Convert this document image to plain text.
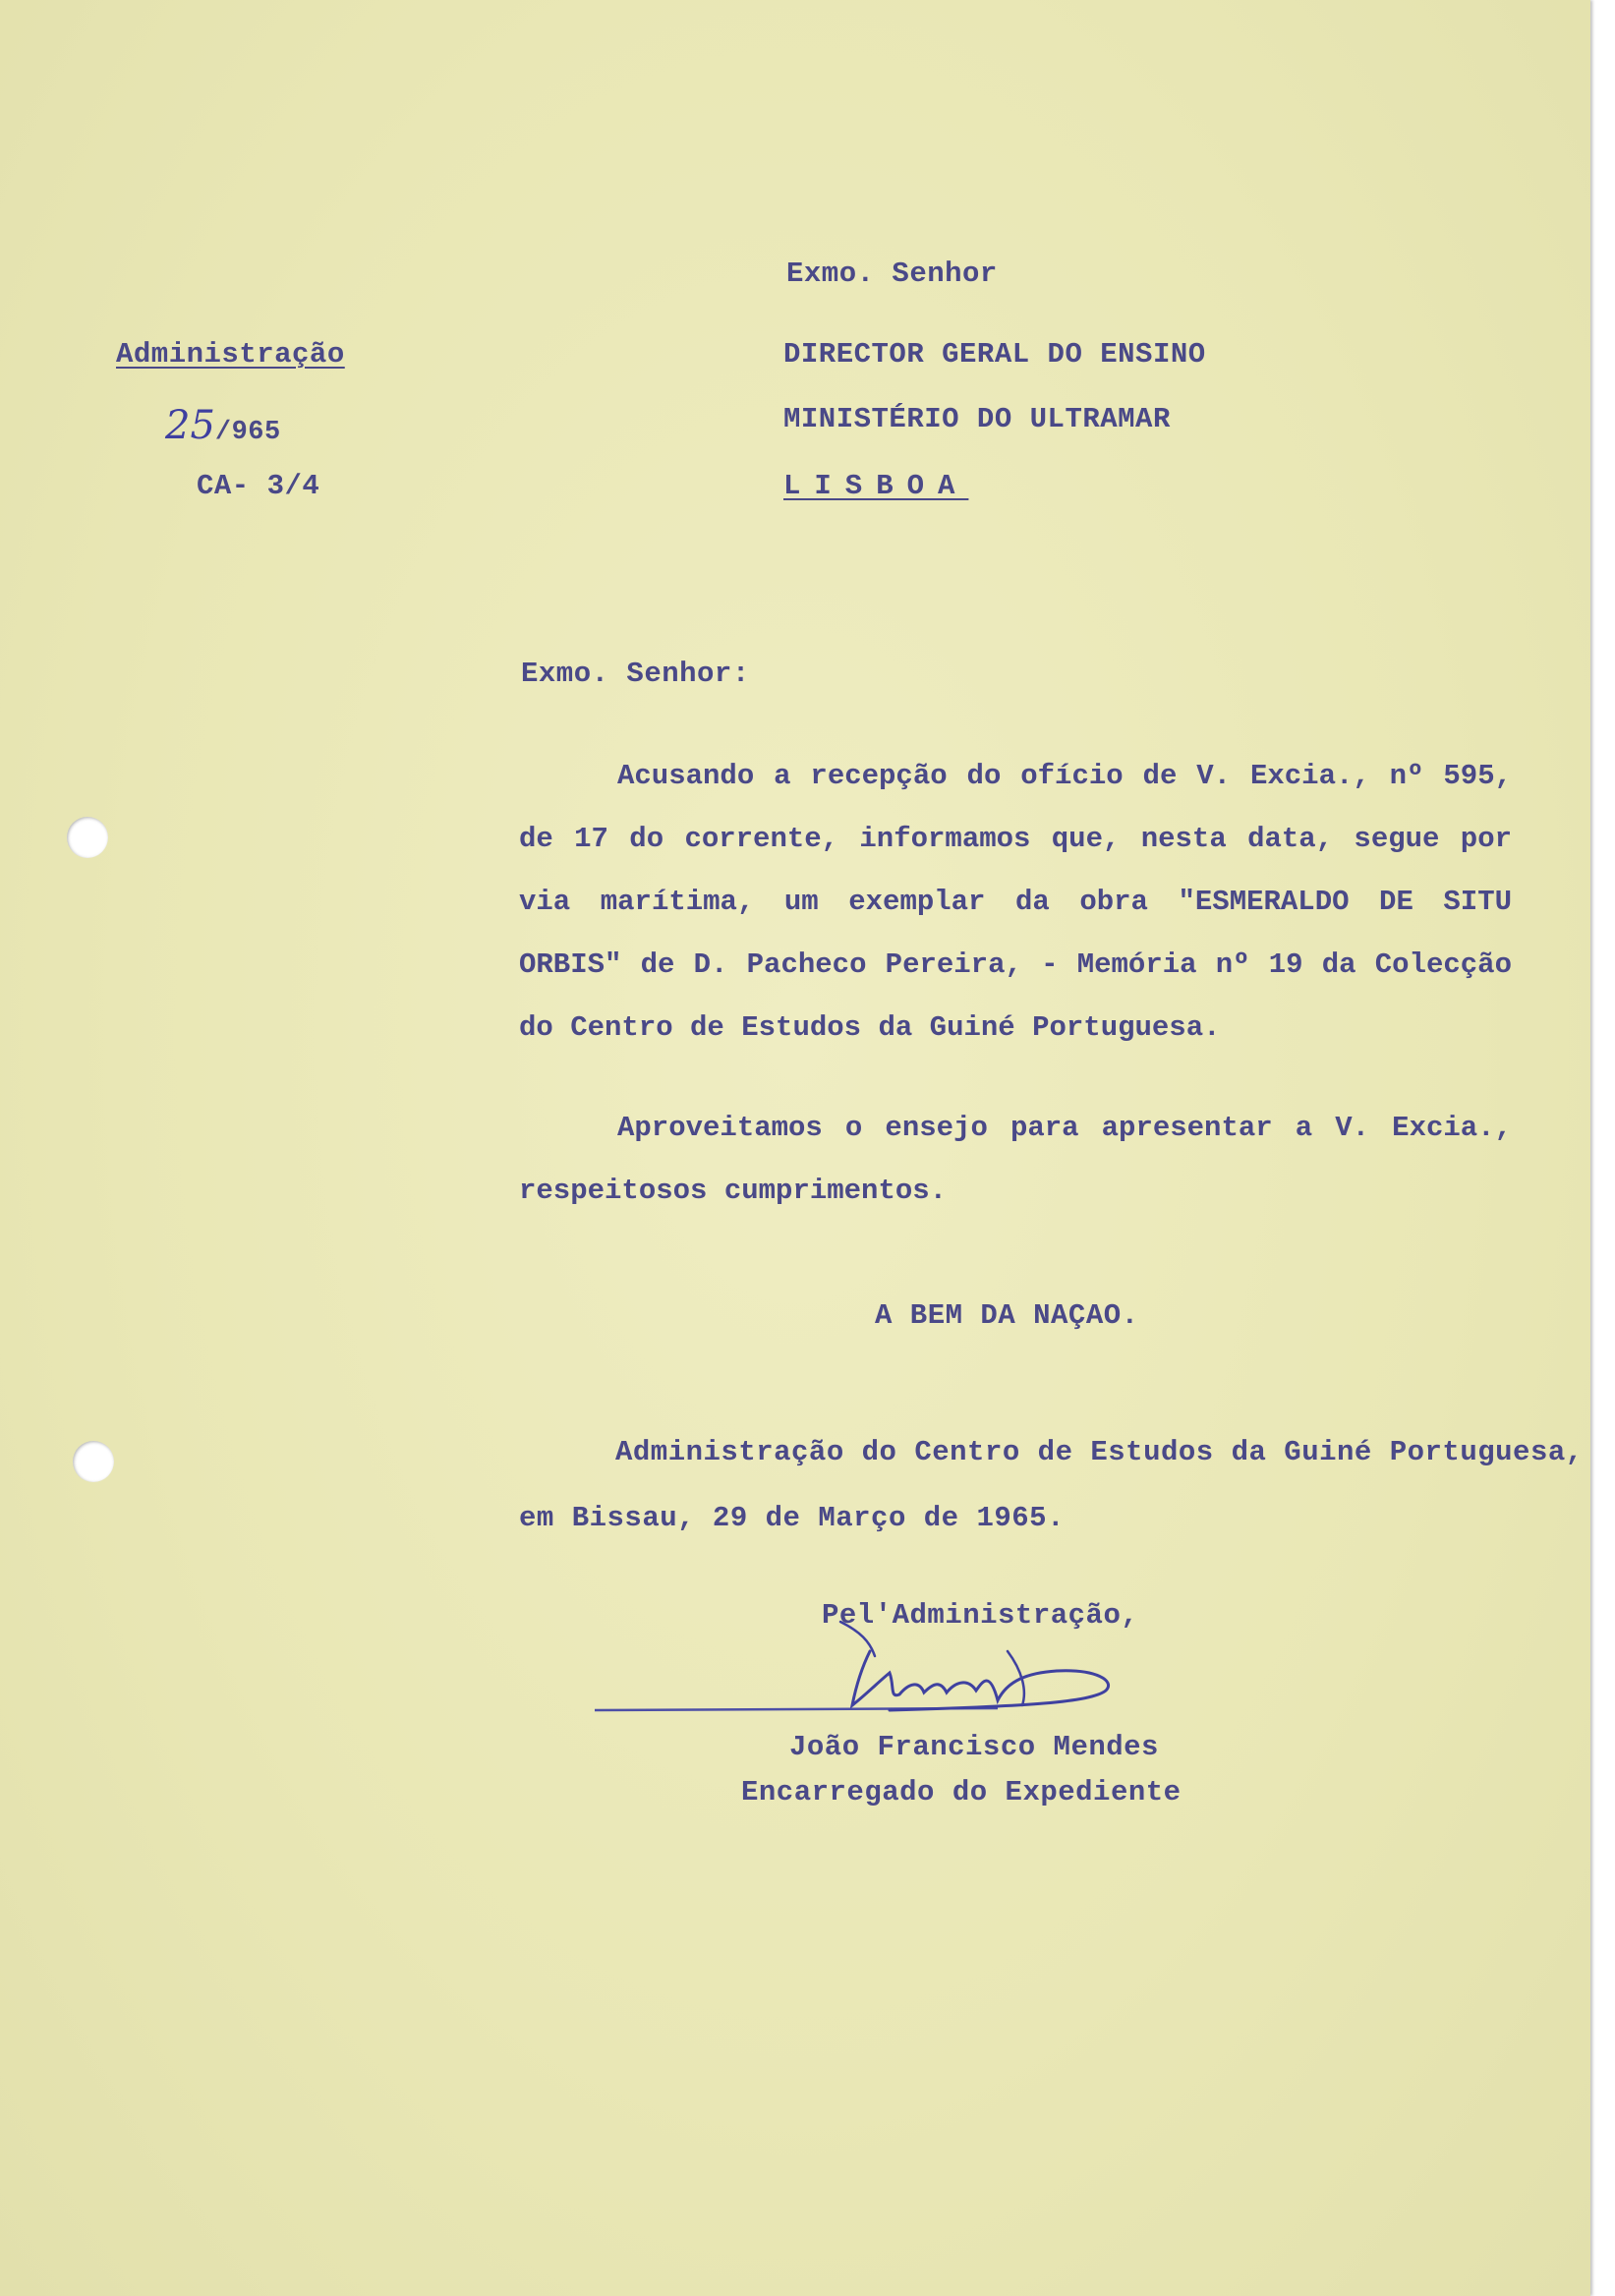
Administração
25/965
CA- 3/4
Exmo. Senhor
DIRECTOR GERAL DO ENSINO
MINISTÉRIO DO ULTRAMAR
LISBOA
Exmo. Senhor:
Acusando a recepção do ofício de V. Excia., nº 595, de 17 do corrente, informamos que, nesta data, segue por via marítima, um exemplar da obra "ESMERALDO DE SITU ORBIS" de D. Pacheco Pereira, - Memória nº 19 da Colecção do Centro de Estudos da Guiné Portuguesa.
Aproveitamos o ensejo para apresentar a V. Excia., respeitosos cumprimentos.
A BEM DA NAÇAO.
Administração do Centro de Estudos da Guiné Portuguesa,
em Bissau, 29 de Março de 1965.
Pel'Administração,
João Francisco Mendes
Encarregado do Expediente
